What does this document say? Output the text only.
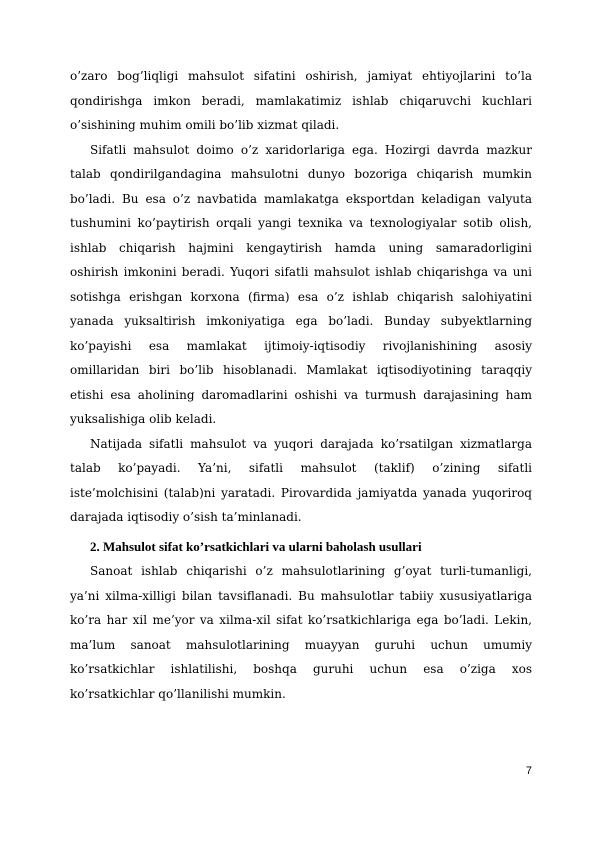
o’zaro bog’liqligi mahsulot sifatini oshirish, jamiyat ehtiyojlarini to’la
qondirishga imkon beradi, mamlakatimiz ishlab chiqaruvchi kuchlari
o’sishining muhim omili bo’lib xizmat qiladi.
Sifatli mahsulot doimo o’z xaridorlariga ega. Hozirgi davrda mazkur
talab qondirilgandagina mahsulotni dunyo bozoriga chiqarish mumkin
bo’ladi. Bu esa o’z navbatida mamlakatga eksportdan keladigan valyuta
tushumini ko’paytirish orqali yangi texnika va texnologiyalar sotib olish,
ishlab chiqarish hajmini kengaytirish hamda uning samaradorligini
oshirish imkonini beradi. Yuqori sifatli mahsulot ishlab chiqarishga va uni
sotishga erishgan korxona (firma) esa o’z ishlab chiqarish salohiyatini
yanada yuksaltirish imkoniyatiga ega bo’ladi. Bunday subyektlarning
ko’payishi esa mamlakat ijtimoiy-iqtisodiy rivojlanishining asosiy
omillaridan biri bo’lib hisoblanadi. Mamlakat iqtisodiyotining taraqqiy
etishi esa aholining daromadlarini oshishi va turmush darajasining ham
yuksalishiga olib keladi.
Natijada sifatli mahsulot va yuqori darajada ko’rsatilgan xizmatlarga
talab ko’payadi. Ya’ni, sifatli mahsulot (taklif) o’zining sifatli
iste’molchisini (talab)ni yaratadi. Pirovardida jamiyatda yanada yuqoriroq
darajada iqtisodiy o’sish ta’minlanadi.
2. Mahsulot sifat ko’rsatkichlari va ularni baholash usullari
Sanoat ishlab chiqarishi o’z mahsulotlarining g’oyat turli-tumanligi,
ya’ni xilma-xilligi bilan tavsiflanadi. Bu mahsulotlar tabiiy xususiyatlariga
ko’ra har xil me’yor va xilma-xil sifat ko’rsatkichlariga ega bo’ladi. Lekin,
ma’lum sanoat mahsulotlarining muayyan guruhi uchun umumiy
ko’rsatkichlar ishlatilishi, boshqa guruhi uchun esa o’ziga xos
ko’rsatkichlar qo’llanilishi mumkin.
7
